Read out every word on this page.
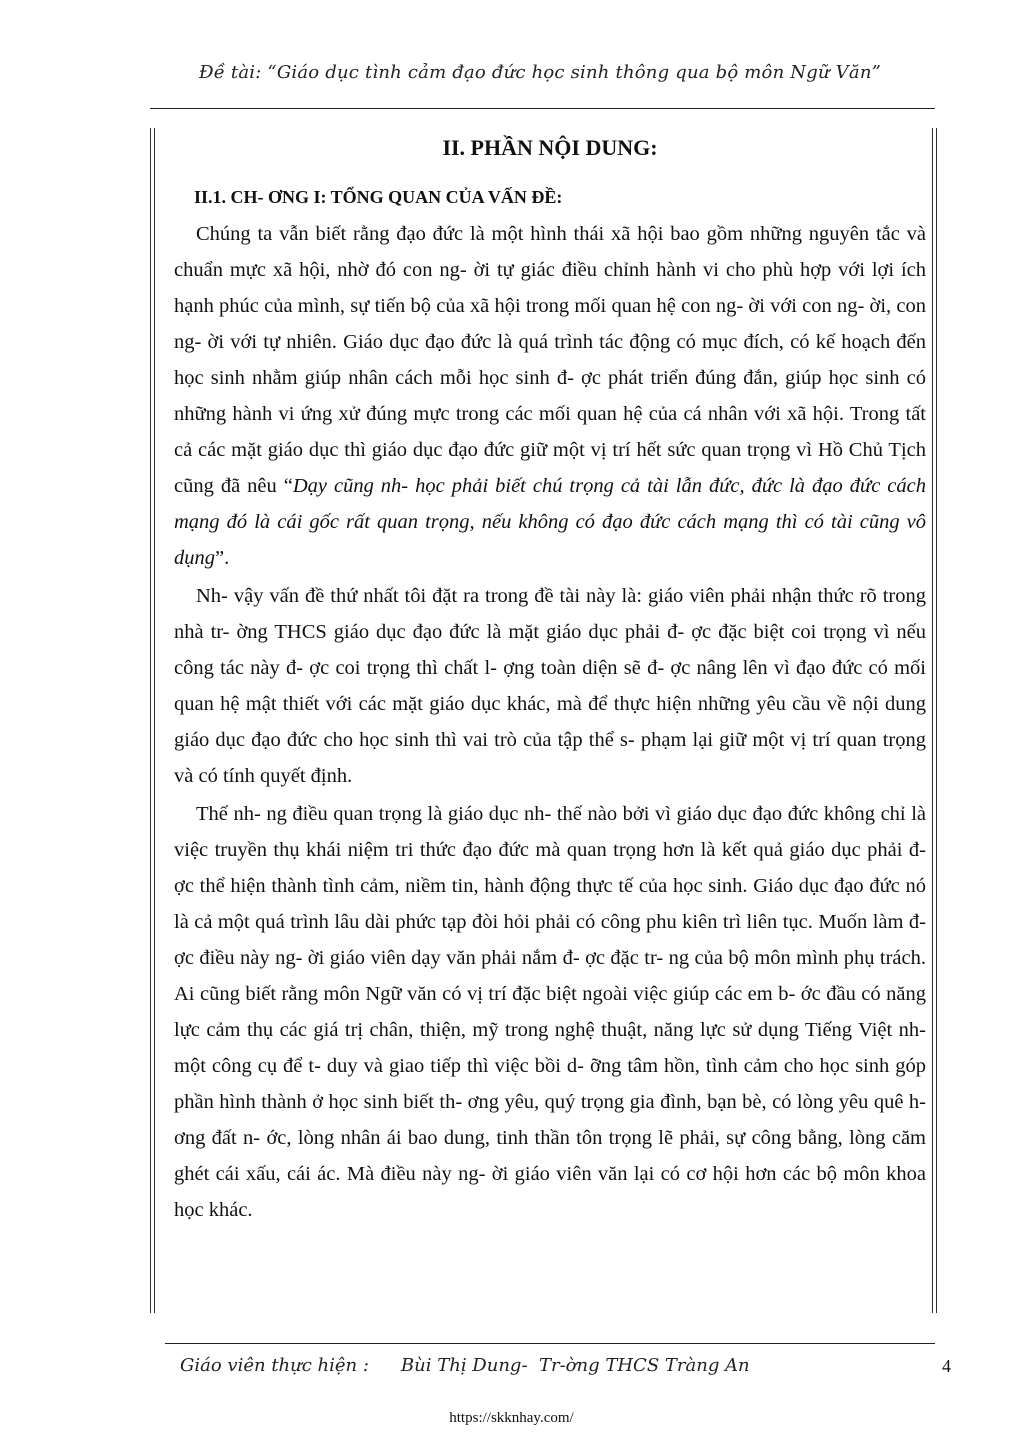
Đề tài: “Giáo dục tình cảm đạo đức học sinh thông qua bộ môn Ngữ Văn”
II. PHẦN NỘI DUNG:
II.1. CH- ƠNG I: TỔNG QUAN CỦA VẤN ĐỀ:

Chúng ta vẫn biết rằng đạo đức là một hình thái xã hội bao gồm những nguyên tắc và chuẩn mực xã hội, nhờ đó con ng- ời tự giác điều chỉnh hành vi cho phù hợp với lợi ích hạnh phúc của mình, sự tiến bộ của xã hội trong mối quan hệ con ng- ời với con ng- ời, con ng- ời với tự nhiên. Giáo dục đạo đức là quá trình tác động có mục đích, có kế hoạch đến học sinh nhằm giúp nhân cách mỗi học sinh đ- ợc phát triển đúng đắn, giúp học sinh có những hành vi ứng xử đúng mực trong các mối quan hệ của cá nhân với xã hội. Trong tất cả các mặt giáo dục thì giáo dục đạo đức giữ một vị trí hết sức quan trọng vì Hồ Chủ Tịch cũng đã nêu “Dạy cũng nh- học phải biết chú trọng cả tài lẫn đức, đức là đạo đức cách mạng đó là cái gốc rất quan trọng, nếu không có đạo đức cách mạng thì có tài cũng vô dụng”.

Nh- vậy vấn đề thứ nhất tôi đặt ra trong đề tài này là: giáo viên phải nhận thức rõ trong nhà tr- ờng THCS giáo dục đạo đức là mặt giáo dục phải đ- ợc đặc biệt coi trọng vì nếu công tác này đ- ợc coi trọng thì chất l- ợng toàn diện sẽ đ- ợc nâng lên vì đạo đức có mối quan hệ mật thiết với các mặt giáo dục khác, mà để thực hiện những yêu cầu về nội dung giáo dục đạo đức cho học sinh thì vai trò của tập thể s- phạm lại giữ một vị trí quan trọng và có tính quyết định.

Thế nh- ng điều quan trọng là giáo dục nh- thế nào bởi vì giáo dục đạo đức không chỉ là việc truyền thụ khái niệm tri thức đạo đức mà quan trọng hơn là kết quả giáo dục phải đ- ợc thể hiện thành tình cảm, niềm tin, hành động thực tế của học sinh. Giáo dục đạo đức nó là cả một quá trình lâu dài phức tạp đòi hỏi phải có công phu kiên trì liên tục. Muốn làm đ- ợc điều này ng- ời giáo viên dạy văn phải nắm đ- ợc đặc tr- ng của bộ môn mình phụ trách. Ai cũng biết rằng môn Ngữ văn có vị trí đặc biệt ngoài việc giúp các em b- ớc đầu có năng lực cảm thụ các giá trị chân, thiện, mỹ trong nghệ thuật, năng lực sử dụng Tiếng Việt nh- một công cụ để t- duy và giao tiếp thì việc bồi d- ỡng tâm hồn, tình cảm cho học sinh góp phần hình thành ở học sinh biết th- ơng yêu, quý trọng gia đình, bạn bè, có lòng yêu quê h- ơng đất n- ớc, lòng nhân ái bao dung, tinh thần tôn trọng lẽ phải, sự công bằng, lòng căm ghét cái xấu, cái ác. Mà điều này ng- ời giáo viên văn lại có cơ hội hơn các bộ môn khoa học khác.

Giáo viên thực hiện : Bùi Thị Dung- Tr-ờng THCS Tràng An	4
https://skknhay.com/
